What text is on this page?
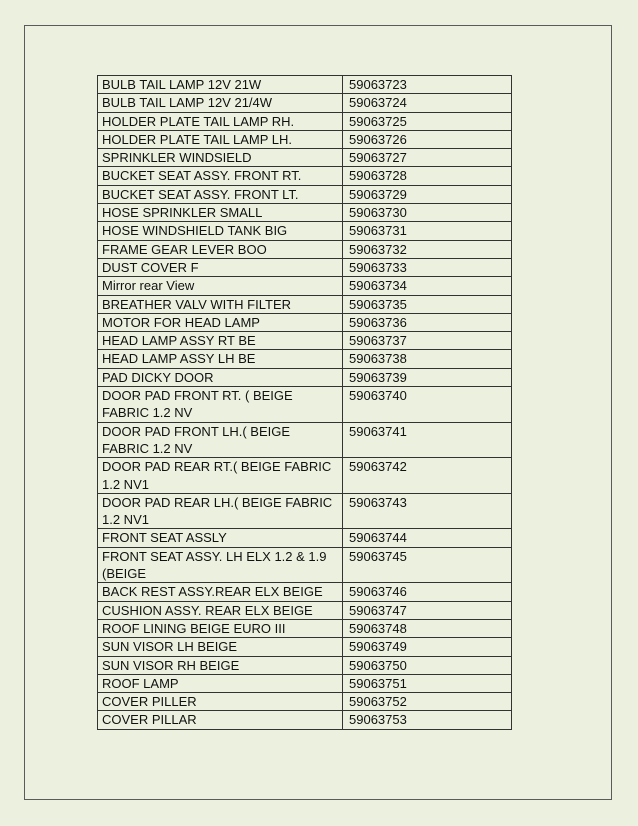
BULB TAIL LAMP 12V 21W	59063723
BULB TAIL LAMP 12V 21/4W	59063724
HOLDER PLATE TAIL LAMP RH.	59063725
HOLDER PLATE TAIL LAMP LH.	59063726
SPRINKLER WINDSIELD	59063727
BUCKET SEAT ASSY. FRONT RT.	59063728
BUCKET SEAT ASSY. FRONT LT.	59063729
HOSE SPRINKLER SMALL	59063730
HOSE WINDSHIELD TANK BIG	59063731
FRAME GEAR LEVER BOO	59063732
DUST COVER F	59063733
Mirror rear View	59063734
BREATHER VALV WITH FILTER	59063735
MOTOR FOR HEAD LAMP	59063736
HEAD LAMP ASSY RT BE	59063737
HEAD LAMP ASSY LH BE	59063738
PAD DICKY DOOR	59063739
DOOR PAD FRONT RT. ( BEIGE FABRIC 1.2 NV	59063740
DOOR PAD FRONT LH.( BEIGE FABRIC 1.2 NV	59063741
DOOR PAD REAR RT.( BEIGE FABRIC 1.2 NV1	59063742
DOOR PAD REAR LH.( BEIGE FABRIC 1.2 NV1	59063743
FRONT SEAT ASSLY	59063744
FRONT SEAT ASSY. LH ELX 1.2 & 1.9 (BEIGE	59063745
BACK REST ASSY.REAR ELX BEIGE	59063746
CUSHION ASSY. REAR ELX BEIGE	59063747
ROOF LINING BEIGE EURO III	59063748
SUN VISOR LH BEIGE	59063749
SUN VISOR RH BEIGE	59063750
ROOF LAMP	59063751
COVER PILLER	59063752
COVER PILLAR	59063753
